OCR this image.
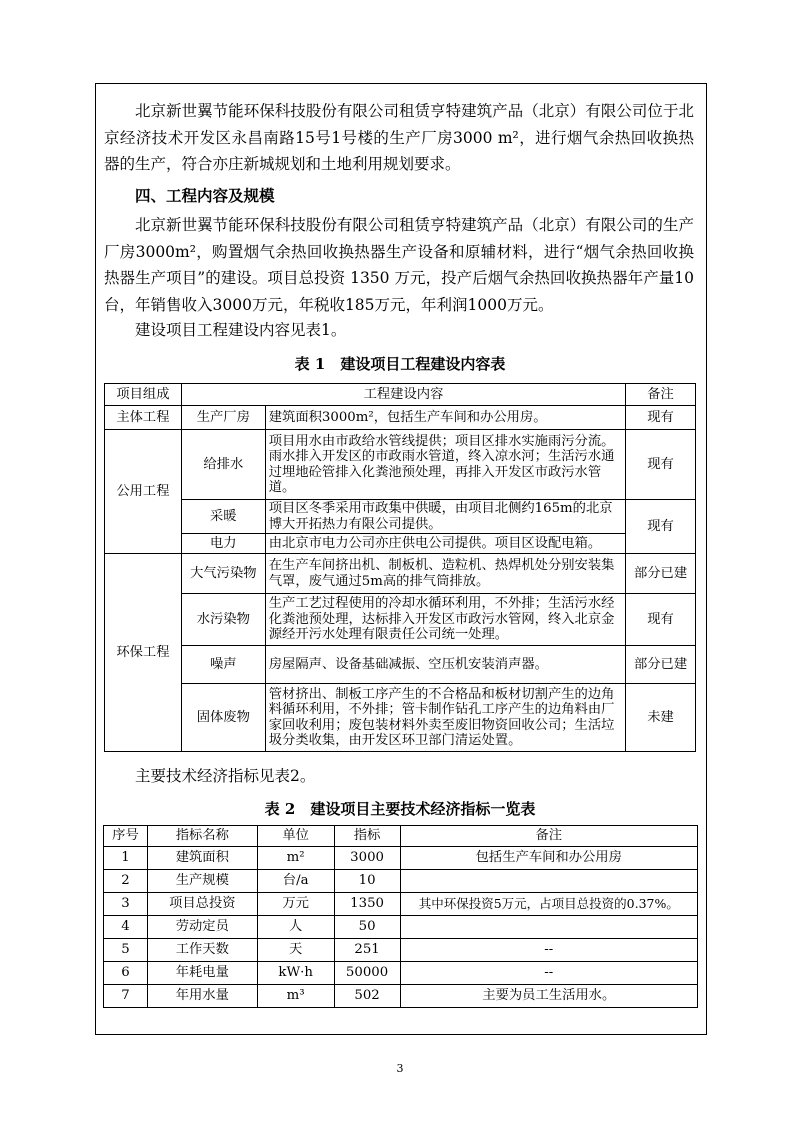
北京新世翼节能环保科技股份有限公司租赁亨特建筑产品（北京）有限公司位于北京经济技术开发区永昌南路15号1号楼的生产厂房3000 m²，进行烟气余热回收换热器的生产，符合亦庄新城规划和土地利用规划要求。

四、工程内容及规模

北京新世翼节能环保科技股份有限公司租赁亨特建筑产品（北京）有限公司的生产厂房3000m²，购置烟气余热回收换热器生产设备和原辅材料，进行“烟气余热回收换热器生产项目”的建设。项目总投资 1350 万元，投产后烟气余热回收换热器年产量10台，年销售收入3000万元，年税收185万元，年利润1000万元。

建设项目工程建设内容见表1。

表 1　建设项目工程建设内容表

项目组成	工程建设内容		备注
主体工程	生产厂房	建筑面积3000m²，包括生产车间和办公用房。	现有
公用工程	给排水	项目用水由市政给水管线提供；项目区排水实施雨污分流。雨水排入开发区的市政雨水管道，终入凉水河；生活污水通过埋地砼管排入化粪池预处理，再排入开发区市政污水管道。	现有
	采暖	项目区冬季采用市政集中供暖，由项目北侧约165m的北京博大开拓热力有限公司提供。	现有
	电力	由北京市电力公司亦庄供电公司提供。项目区设配电箱。	
环保工程	大气污染物	在生产车间挤出机、制板机、造粒机、热焊机处分别安装集气罩，废气通过5m高的排气筒排放。	部分已建
	水污染物	生产工艺过程使用的冷却水循环利用，不外排；生活污水经化粪池预处理，达标排入开发区市政污水管网，终入北京金源经开污水处理有限责任公司统一处理。	现有
	噪声	房屋隔声、设备基础减振、空压机安装消声器。	部分已建
	固体废物	管材挤出、制板工序产生的不合格品和板材切割产生的边角料循环利用，不外排；管卡制作钻孔工序产生的边角料由厂家回收利用；废包装材料外卖至废旧物资回收公司；生活垃圾分类收集，由开发区环卫部门清运处置。	未建

主要技术经济指标见表2。

表 2　建设项目主要技术经济指标一览表

序号	指标名称	单位	指标	备注
1	建筑面积	m²	3000	包括生产车间和办公用房
2	生产规模	台/a	10	
3	项目总投资	万元	1350	其中环保投资5万元，占项目总投资的0.37%。
4	劳动定员	人	50	
5	工作天数	天	251	--
6	年耗电量	kW·h	50000	--
7	年用水量	m³	502	主要为员工生活用水。
3
